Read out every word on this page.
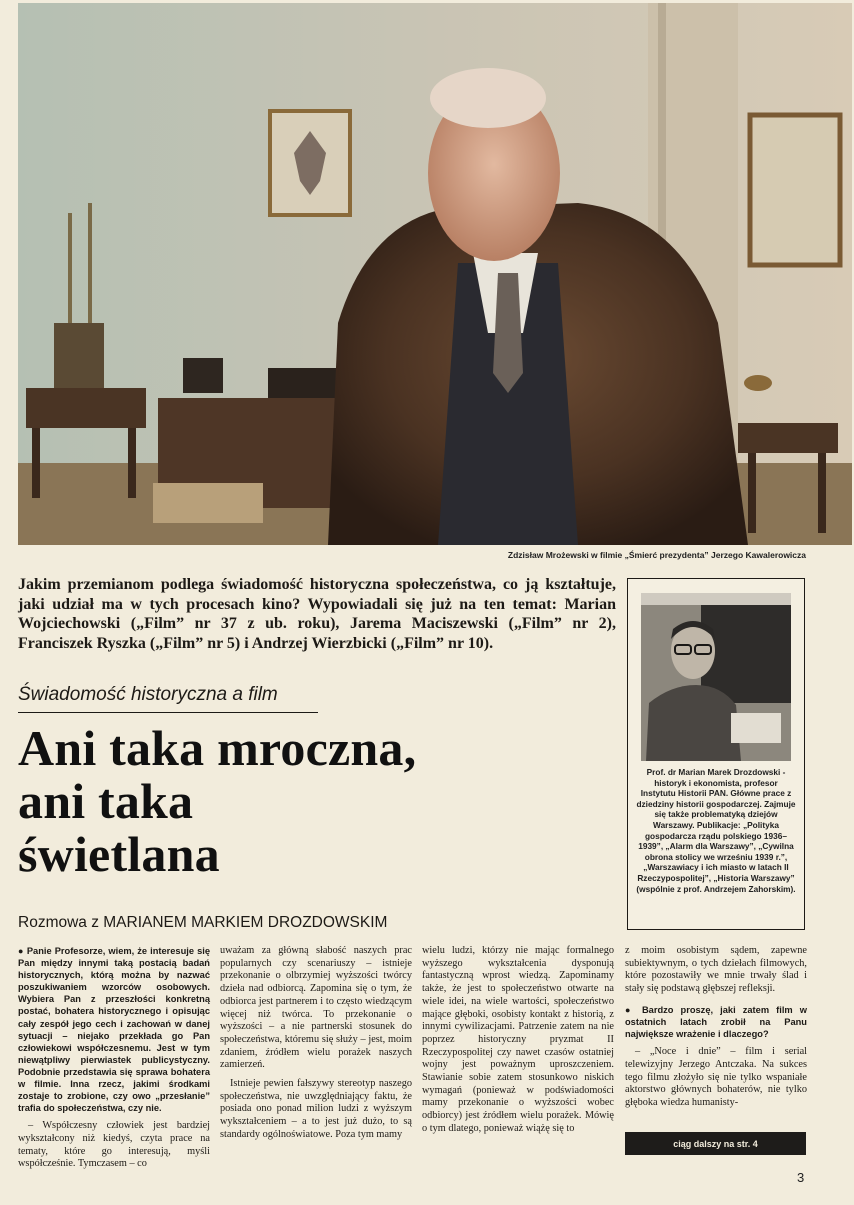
Zdzisław Mrożewski w filmie „Śmierć prezydenta” Jerzego Kawalerowicza

Jakim przemianom podlega świadomość historyczna społeczeństwa, co ją kształtuje, jaki udział ma w tych procesach kino? Wypowiadali się już na ten temat: Marian Wojciechowski („Film” nr 37 z ub. roku), Jarema Maciszewski („Film” nr 2), Franciszek Ryszka („Film” nr 5) i Andrzej Wierzbicki („Film” nr 10).

Świadomość historyczna a film
Ani taka mroczna,
ani taka
świetlana
Rozmowa z MARIANEM MARKIEM DROZDOWSKIM
Prof. dr Marian Marek Drozdowski - historyk i ekonomista, profesor Instytutu Historii PAN. Główne prace z dziedziny historii gospodarczej. Zajmuje się także problematyką dziejów Warszawy. Publikacje: „Polityka gospodarcza rządu polskiego 1936–1939”, „Alarm dla Warszawy”, „Cywilna obrona stolicy we wrześniu 1939 r.”, „Warszawiacy i ich miasto w latach II Rzeczypospolitej”, „Historia Warszawy” (wspólnie z prof. Andrzejem Zahorskim).

● Panie Profesorze, wiem, że interesuje się Pan między innymi taką postacią badań historycznych, którą można by nazwać poszukiwaniem wzorców osobowych. Wybiera Pan z przeszłości konkretną postać, bohatera historycznego i opisując cały zespół jego cech i zachowań w danej sytuacji – niejako przekłada go Pan człowiekowi współczesnemu. Jest w tym niewątpliwy pierwiastek publicystyczny. Podobnie przedstawia się sprawa bohatera w filmie. Inna rzecz, jakimi środkami zostaje to zrobione, czy owo „przesłanie” trafia do społeczeństwa, czy nie.

– Współczesny człowiek jest bardziej wykształcony niż kiedyś, czyta prace na tematy, które go interesują, myśli współcześnie. Tymczasem – co

uważam za główną słabość naszych prac popularnych czy scenariuszy – istnieje przekonanie o olbrzymiej wyższości twórcy dzieła nad odbiorcą. Zapomina się o tym, że odbiorca jest partnerem i to często wiedzącym więcej niż twórca. To przekonanie o wyższości – a nie partnerski stosunek do społeczeństwa, któremu się służy – jest, moim zdaniem, źródłem wielu porażek naszych zamierzeń.

Istnieje pewien fałszywy stereotyp naszego społeczeństwa, nie uwzględniający faktu, że posiada ono ponad milion ludzi z wyższym wykształceniem – a to jest już dużo, to są standardy ogólnoświatowe. Poza tym mamy

wielu ludzi, którzy nie mając formalnego wyższego wykształcenia dysponują fantastyczną wprost wiedzą. Zapominamy także, że jest to społeczeństwo otwarte na wiele idei, na wiele wartości, społeczeństwo mające głęboki, osobisty kontakt z historią, z innymi cywilizacjami. Patrzenie zatem na nie poprzez historyczny pryzmat II Rzeczypospolitej czy nawet czasów ostatniej wojny jest poważnym uproszczeniem. Stawianie sobie zatem stosunkowo niskich wymagań (ponieważ w podświadomości mamy przekonanie o wyższości wobec odbiorcy) jest źródłem wielu porażek. Mówię o tym dlatego, ponieważ wiążę się to

z moim osobistym sądem, zapewne subiektywnym, o tych dziełach filmowych, które pozostawiły we mnie trwały ślad i stały się podstawą głębszej refleksji.

● Bardzo proszę, jaki zatem film w ostatnich latach zrobił na Panu największe wrażenie i dlaczego?

– „Noce i dnie” – film i serial telewizyjny Jerzego Antczaka. Na sukces tego filmu złożyło się nie tylko wspaniałe aktorstwo głównych bohaterów, nie tylko głęboka wiedza humanisty-

ciąg dalszy na str. 4
3
